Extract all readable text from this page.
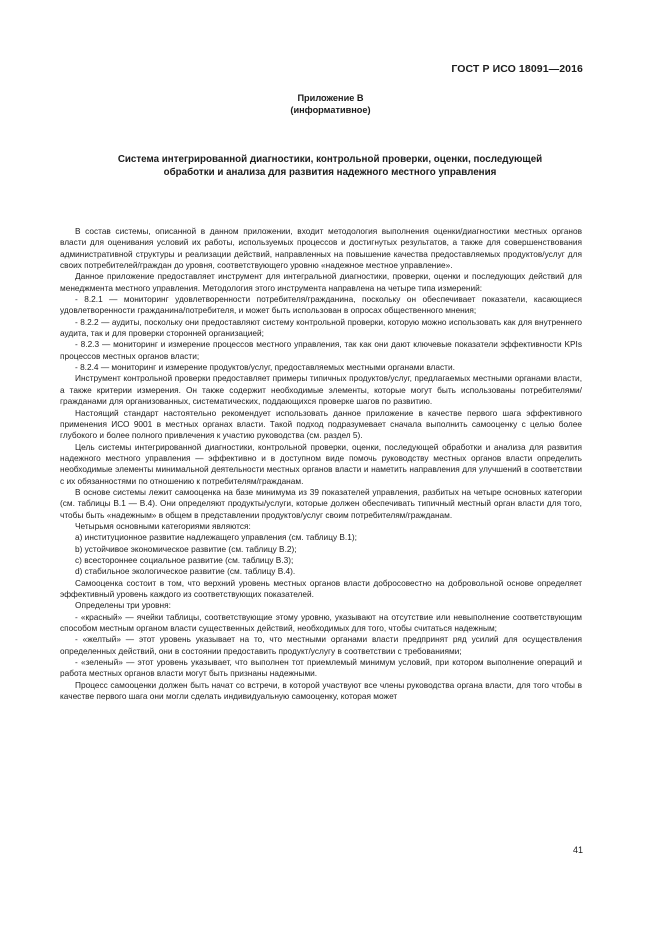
ГОСТ Р ИСО 18091—2016
Приложение В
(информативное)
Система интегрированной диагностики, контрольной проверки, оценки, последующей
обработки и анализа для развития надежного местного управления

В состав системы, описанной в данном приложении, входит методология выполнения оценки/диагностики местных органов власти для оценивания условий их работы, используемых процессов и достигнутых результатов, а также для совершенствования административной структуры и реализации действий, направленных на повышение качества предоставляемых продуктов/услуг для своих потребителей/граждан до уровня, соответствующего уровню «надежное местное управление».

Данное приложение предоставляет инструмент для интегральной диагностики, проверки, оценки и последующих действий для менеджмента местного управления. Методология этого инструмента направлена на четыре типа измерений:

- 8.2.1 — мониторинг удовлетворенности потребителя/гражданина, поскольку он обеспечивает показатели, касающиеся удовлетворенности гражданина/потребителя, и может быть использован в опросах общественного мнения;

- 8.2.2 — аудиты, поскольку они предоставляют систему контрольной проверки, которую можно использовать как для внутреннего аудита, так и для проверки сторонней организацией;

- 8.2.3 — мониторинг и измерение процессов местного управления, так как они дают ключевые показатели эффективности KPIs процессов местных органов власти;

- 8.2.4 — мониторинг и измерение продуктов/услуг, предоставляемых местными органами власти.

Инструмент контрольной проверки предоставляет примеры типичных продуктов/услуг, предлагаемых местными органами власти, а также критерии измерения. Он также содержит необходимые элементы, которые могут быть использованы потребителями/гражданами для организованных, систематических, поддающихся проверке шагов по развитию.

Настоящий стандарт настоятельно рекомендует использовать данное приложение в качестве первого шага эффективного применения ИСО 9001 в местных органах власти. Такой подход подразумевает сначала выполнить самооценку с целью более глубокого и более полного привлечения к участию руководства (см. раздел 5).

Цель системы интегрированной диагностики, контрольной проверки, оценки, последующей обработки и анализа для развития надежного местного управления — эффективно и в доступном виде помочь руководству местных органов власти определить необходимые элементы минимальной деятельности местных органов власти и наметить направления для улучшений в соответствии с их обязанностями по отношению к потребителям/гражданам.

В основе системы лежит самооценка на базе минимума из 39 показателей управления, разбитых на четыре основных категории (см. таблицы В.1 — В.4). Они определяют продукты/услуги, которые должен обеспечивать типичный местный орган власти для того, чтобы быть «надежным» в общем в представлении продуктов/услуг своим потребителям/гражданам.

Четырьмя основными категориями являются:

a) институционное развитие надлежащего управления (см. таблицу В.1);

b) устойчивое экономическое развитие (см. таблицу В.2);

c) всестороннее социальное развитие (см. таблицу В.3);

d) стабильное экологическое развитие (см. таблицу В.4).

Самооценка состоит в том, что верхний уровень местных органов власти добросовестно на добровольной основе определяет эффективный уровень каждого из соответствующих показателей.

Определены три уровня:

- «красный» — ячейки таблицы, соответствующие этому уровню, указывают на отсутствие или невыполнение соответствующим способом местным органом власти существенных действий, необходимых для того, чтобы считаться надежным;

- «желтый» — этот уровень указывает на то, что местными органами власти предпринят ряд усилий для осуществления определенных действий, они в состоянии предоставить продукт/услугу в соответствии с требованиями;

- «зеленый» — этот уровень указывает, что выполнен тот приемлемый минимум условий, при котором выполнение операций и работа местных органов власти могут быть признаны надежными.

Процесс самооценки должен быть начат со встречи, в которой участвуют все члены руководства органа власти, для того чтобы в качестве первого шага они могли сделать индивидуальную самооценку, которая может

41
